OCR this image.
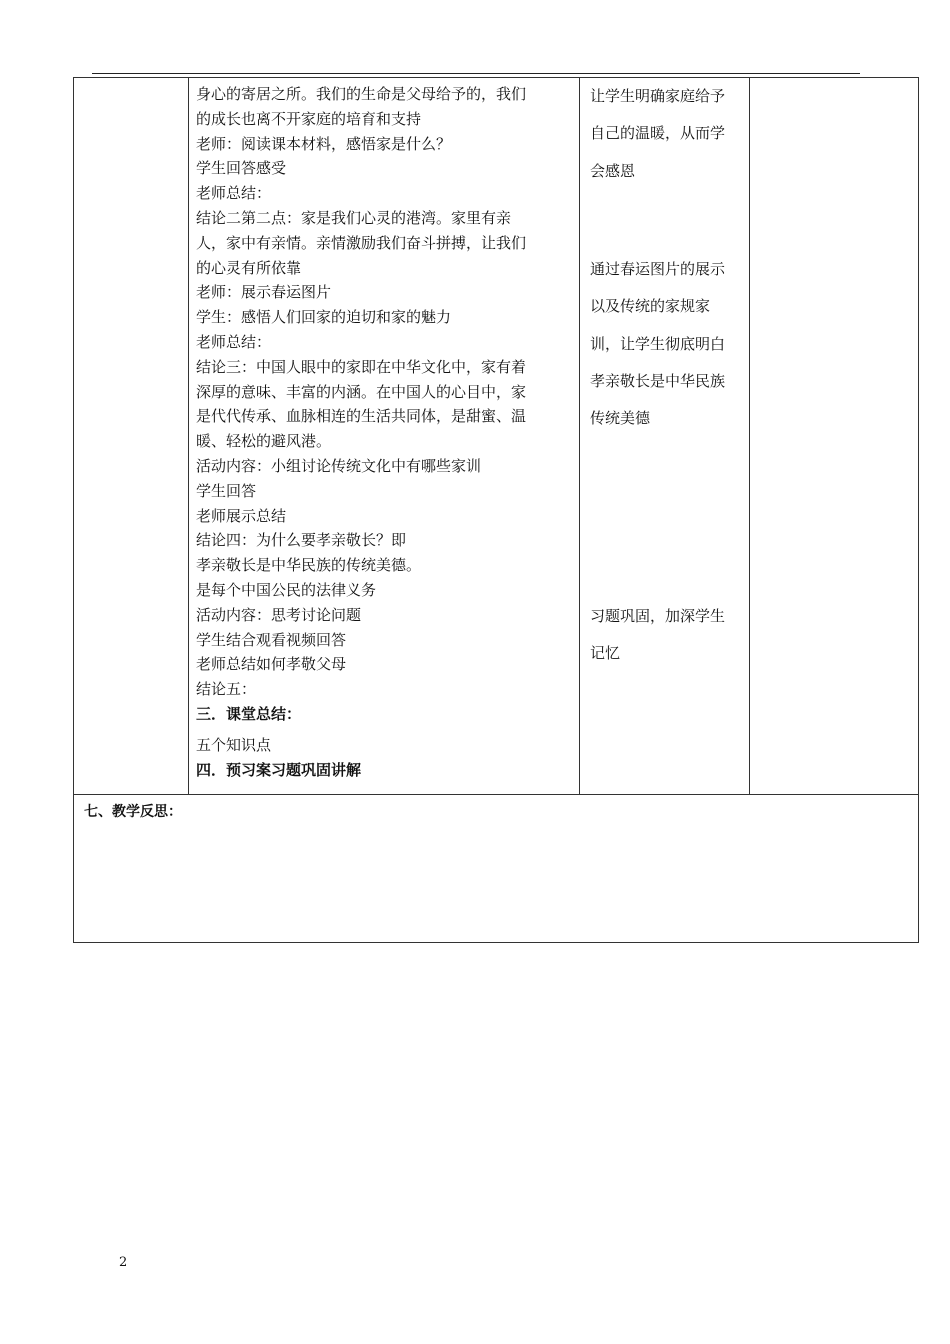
身心的寄居之所。我们的生命是父母给予的，我们
的成长也离不开家庭的培育和支持
老师：阅读课本材料，感悟家是什么？
学生回答感受
老师总结：
结论二第二点：家是我们心灵的港湾。家里有亲
人，家中有亲情。亲情激励我们奋斗拼搏，让我们
的心灵有所依靠
老师：展示春运图片
学生：感悟人们回家的迫切和家的魅力
老师总结：
结论三：中国人眼中的家即在中华文化中，家有着
深厚的意味、丰富的内涵。在中国人的心目中，家
是代代传承、血脉相连的生活共同体，是甜蜜、温
暖、轻松的避风港。
活动内容：小组讨论传统文化中有哪些家训
学生回答
老师展示总结
结论四：为什么要孝亲敬长？即
孝亲敬长是中华民族的传统美德。
是每个中国公民的法律义务
活动内容：思考讨论问题
学生结合观看视频回答
老师总结如何孝敬父母
结论五：
三．课堂总结：
五个知识点
四．预习案习题巩固讲解
让学生明确家庭给予
自己的温暖，从而学
会感恩
通过春运图片的展示
以及传统的家规家
训，让学生彻底明白
孝亲敬长是中华民族
传统美德
习题巩固，加深学生
记忆
七、教学反思：
2
